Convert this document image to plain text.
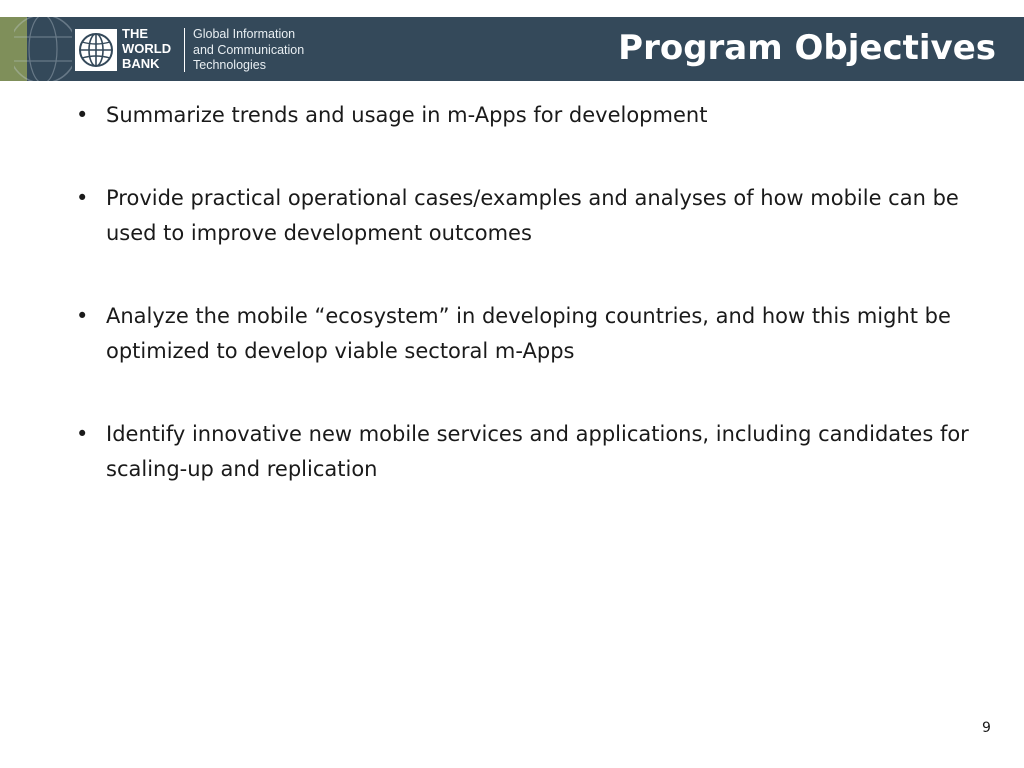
THE
WORLD
BANK
Global Information
and Communication
Technologies	Program Objectives
• Summarize trends and usage in m-Apps for development
• Provide practical operational cases/examples and analyses of how mobile can be used to improve development outcomes
• Analyze the mobile “ecosystem” in developing countries, and how this might be optimized to develop viable sectoral m-Apps
• Identify innovative new mobile services and applications, including candidates for scaling-up and replication
9
